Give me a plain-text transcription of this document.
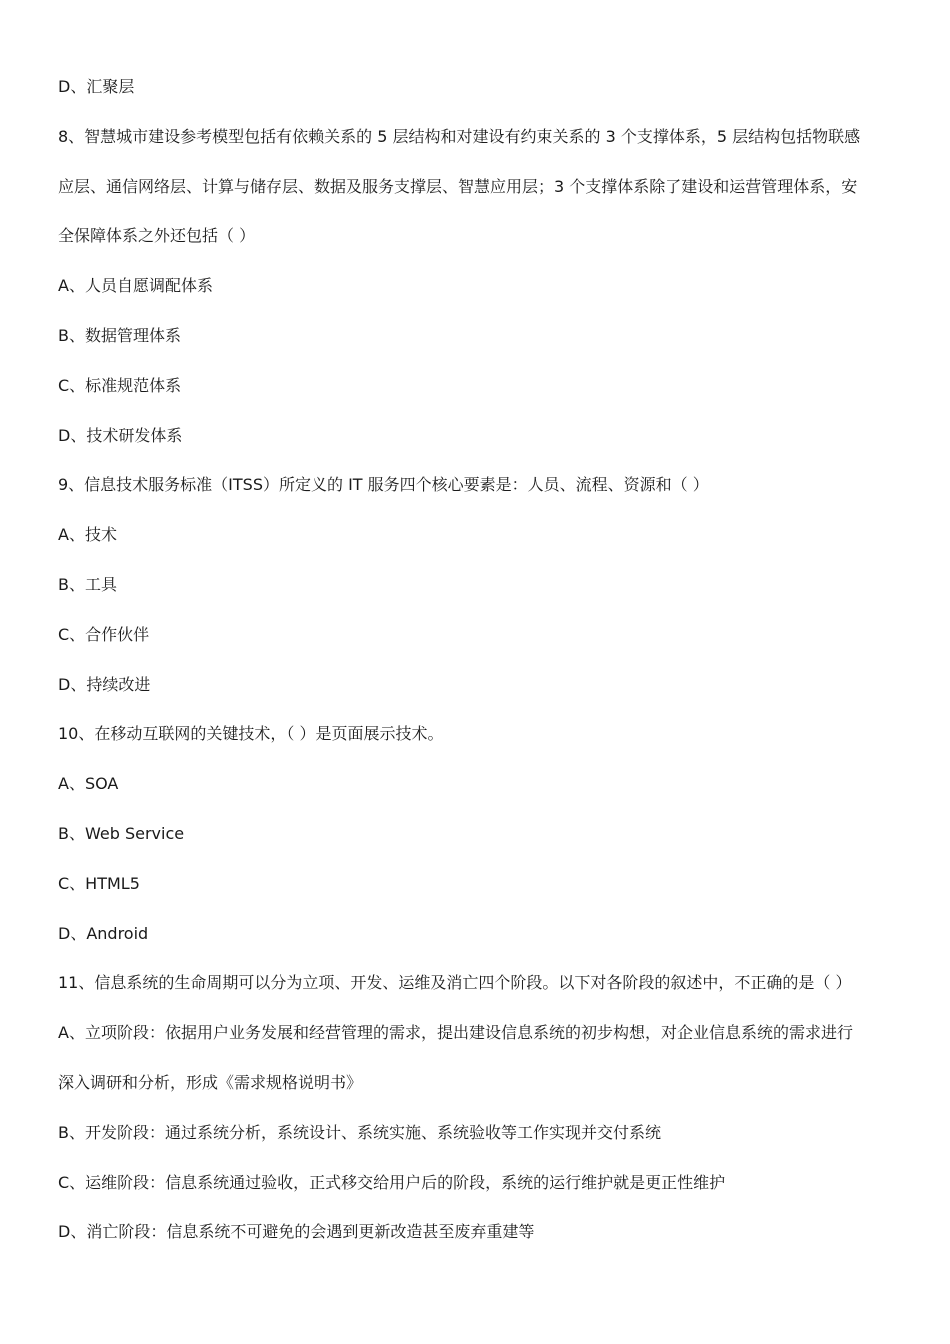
D、汇聚层

8、智慧城市建设参考模型包括有依赖关系的 5 层结构和对建设有约束关系的 3 个支撑体系，5 层结构包括物联感

应层、通信网络层、计算与储存层、数据及服务支撑层、智慧应用层；3 个支撑体系除了建设和运营管理体系，安

全保障体系之外还包括（ ）

A、人员自愿调配体系

B、数据管理体系

C、标准规范体系

D、技术研发体系

9、信息技术服务标准（ITSS）所定义的 IT 服务四个核心要素是：人员、流程、资源和（ ）

A、技术

B、工具

C、合作伙伴

D、持续改进

10、在移动互联网的关键技术，（ ）是页面展示技术。

A、SOA

B、Web Service

C、HTML5

D、Android

11、信息系统的生命周期可以分为立项、开发、运维及消亡四个阶段。以下对各阶段的叙述中，不正确的是（ ）

A、立项阶段：依据用户业务发展和经营管理的需求，提出建设信息系统的初步构想，对企业信息系统的需求进行

深入调研和分析，形成《需求规格说明书》

B、开发阶段：通过系统分析，系统设计、系统实施、系统验收等工作实现并交付系统

C、运维阶段：信息系统通过验收，正式移交给用户后的阶段，系统的运行维护就是更正性维护

D、消亡阶段：信息系统不可避免的会遇到更新改造甚至废弃重建等
